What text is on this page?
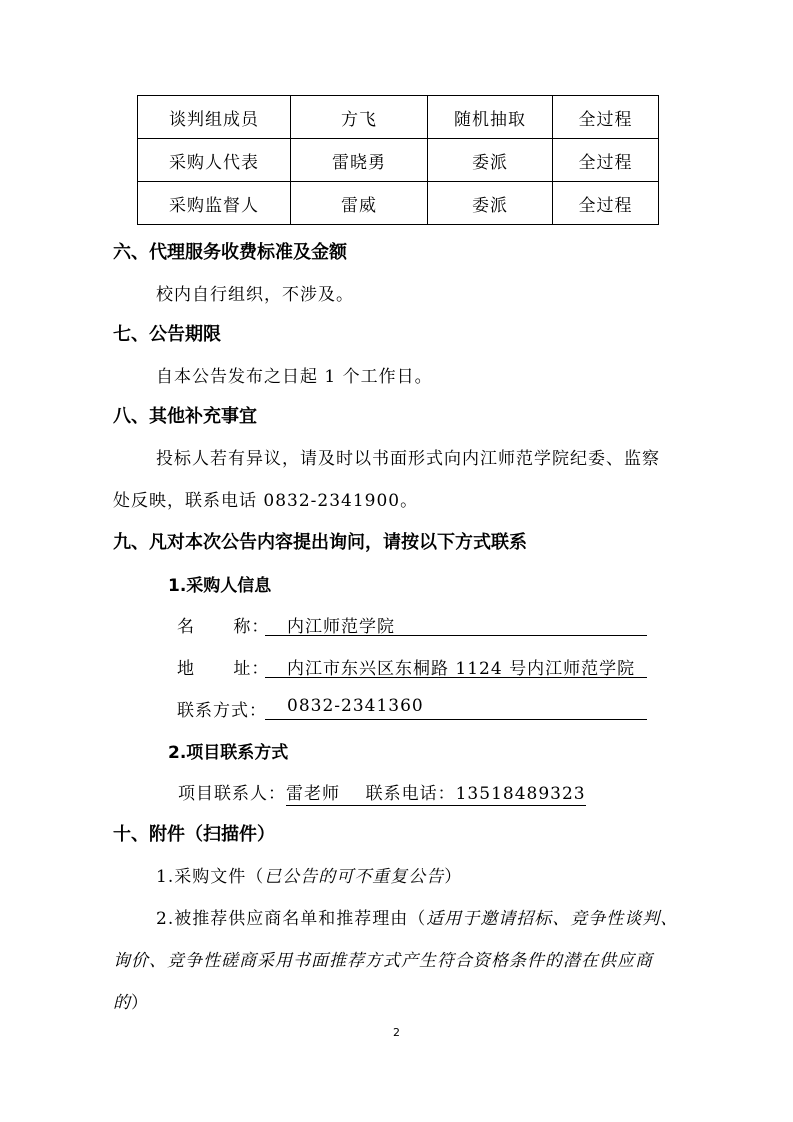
谈判组成员	方飞	随机抽取	全过程
采购人代表	雷晓勇	委派	全过程
采购监督人	雷威	委派	全过程
六、代理服务收费标准及金额
校内自行组织，不涉及。
七、公告期限
自本公告发布之日起 1 个工作日。
八、其他补充事宜
投标人若有异议，请及时以书面形式向内江师范学院纪委、监察
处反映，联系电话 0832-2341900。
九、凡对本次公告内容提出询问，请按以下方式联系
1.采购人信息
名      称：	内江师范学院
地      址：	内江市东兴区东桐路 1124 号内江师范学院
联系方式：	0832-2341360
2.项目联系方式
项目联系人：雷老师    联系电话：13518489323
十、附件（扫描件）
1.采购文件（已公告的可不重复公告）
2.被推荐供应商名单和推荐理由（适用于邀请招标、竞争性谈判、
询价、竞争性磋商采用书面推荐方式产生符合资格条件的潜在供应商
的）
2
